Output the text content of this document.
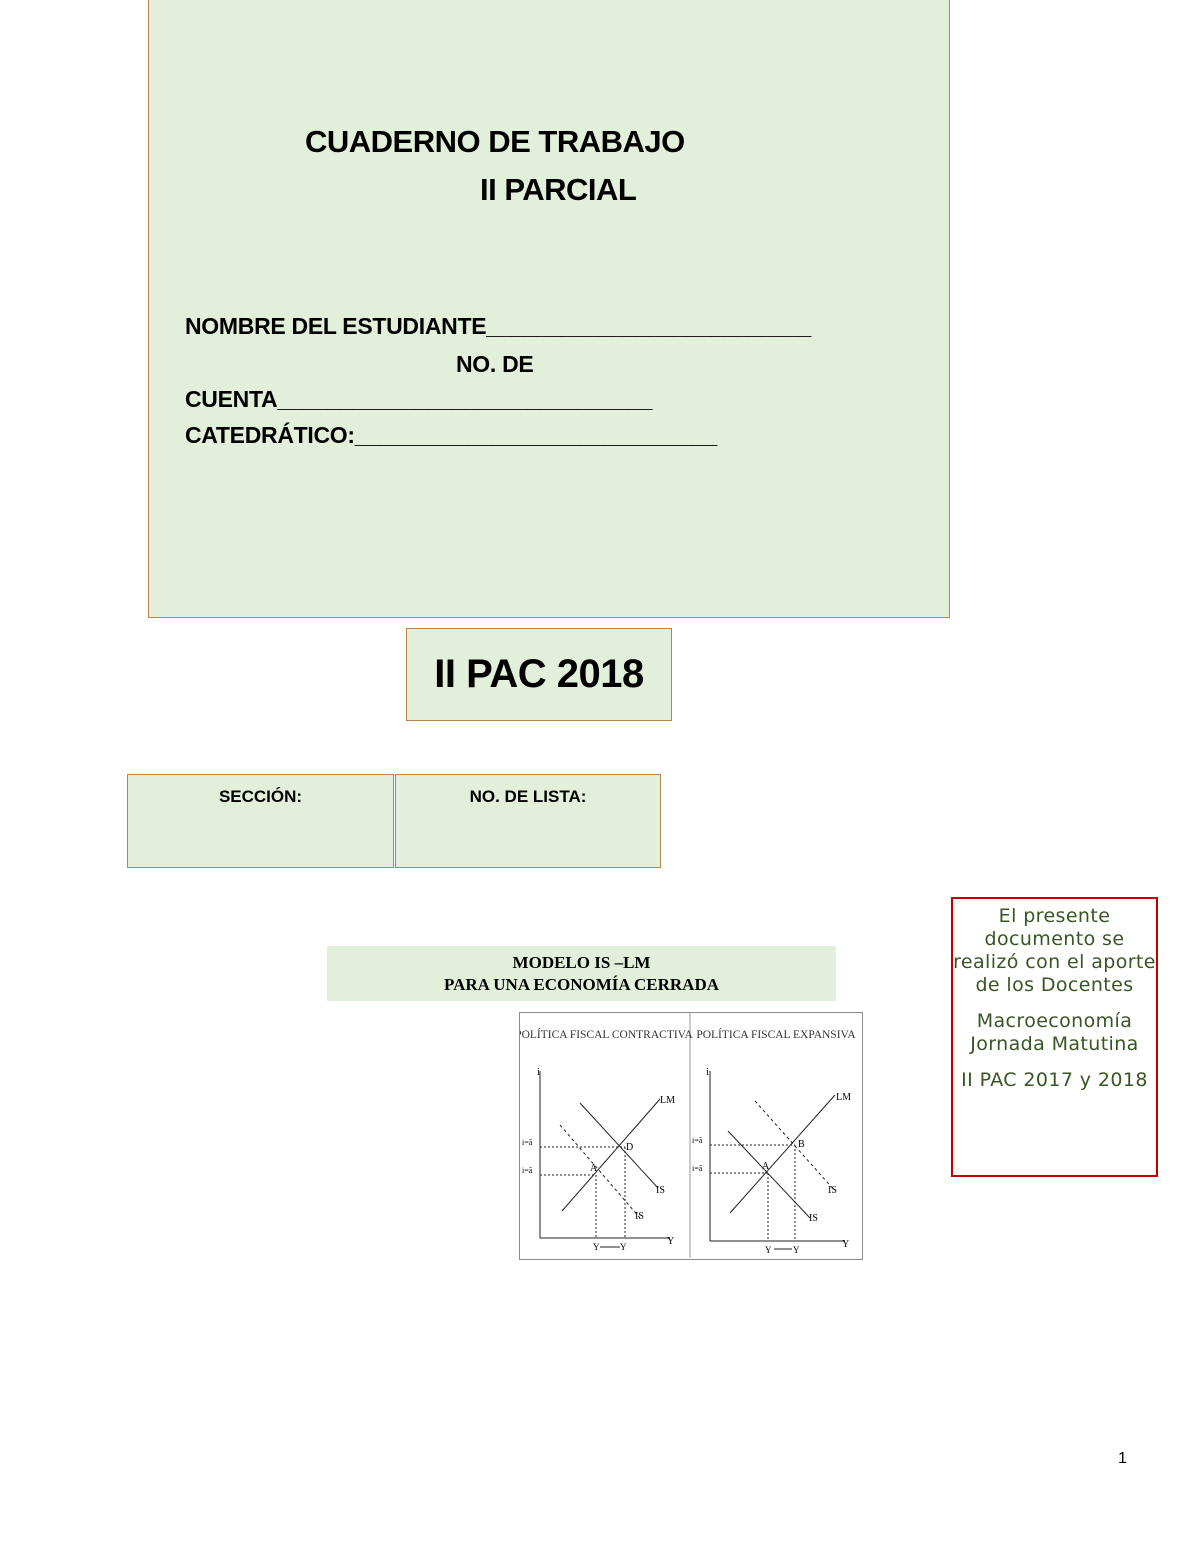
CUADERNO DE TRABAJO
II PARCIAL
NOMBRE DEL ESTUDIANTE__________________________
NO. DE
CUENTA______________________________
CATEDRÁTICO:_____________________________
II PAC 2018
SECCIÓN:	NO. DE LISTA:
MODELO IS –LM
PARA UNA ECONOMÍA CERRADA
POLÍTICA FISCAL CONTRACTIVA POLÍTICA FISCAL EXPANSIVA
i
Y
LM
IS
IS
D
A
i=ā
i=ā
Y Y
i
Y
LM
IS
IS
B
A
i=ā
i=ā
Y Y

El presente documento se realizó con el aporte de los Docentes

Macroeconomía Jornada Matutina

II PAC 2017 y 2018

1
